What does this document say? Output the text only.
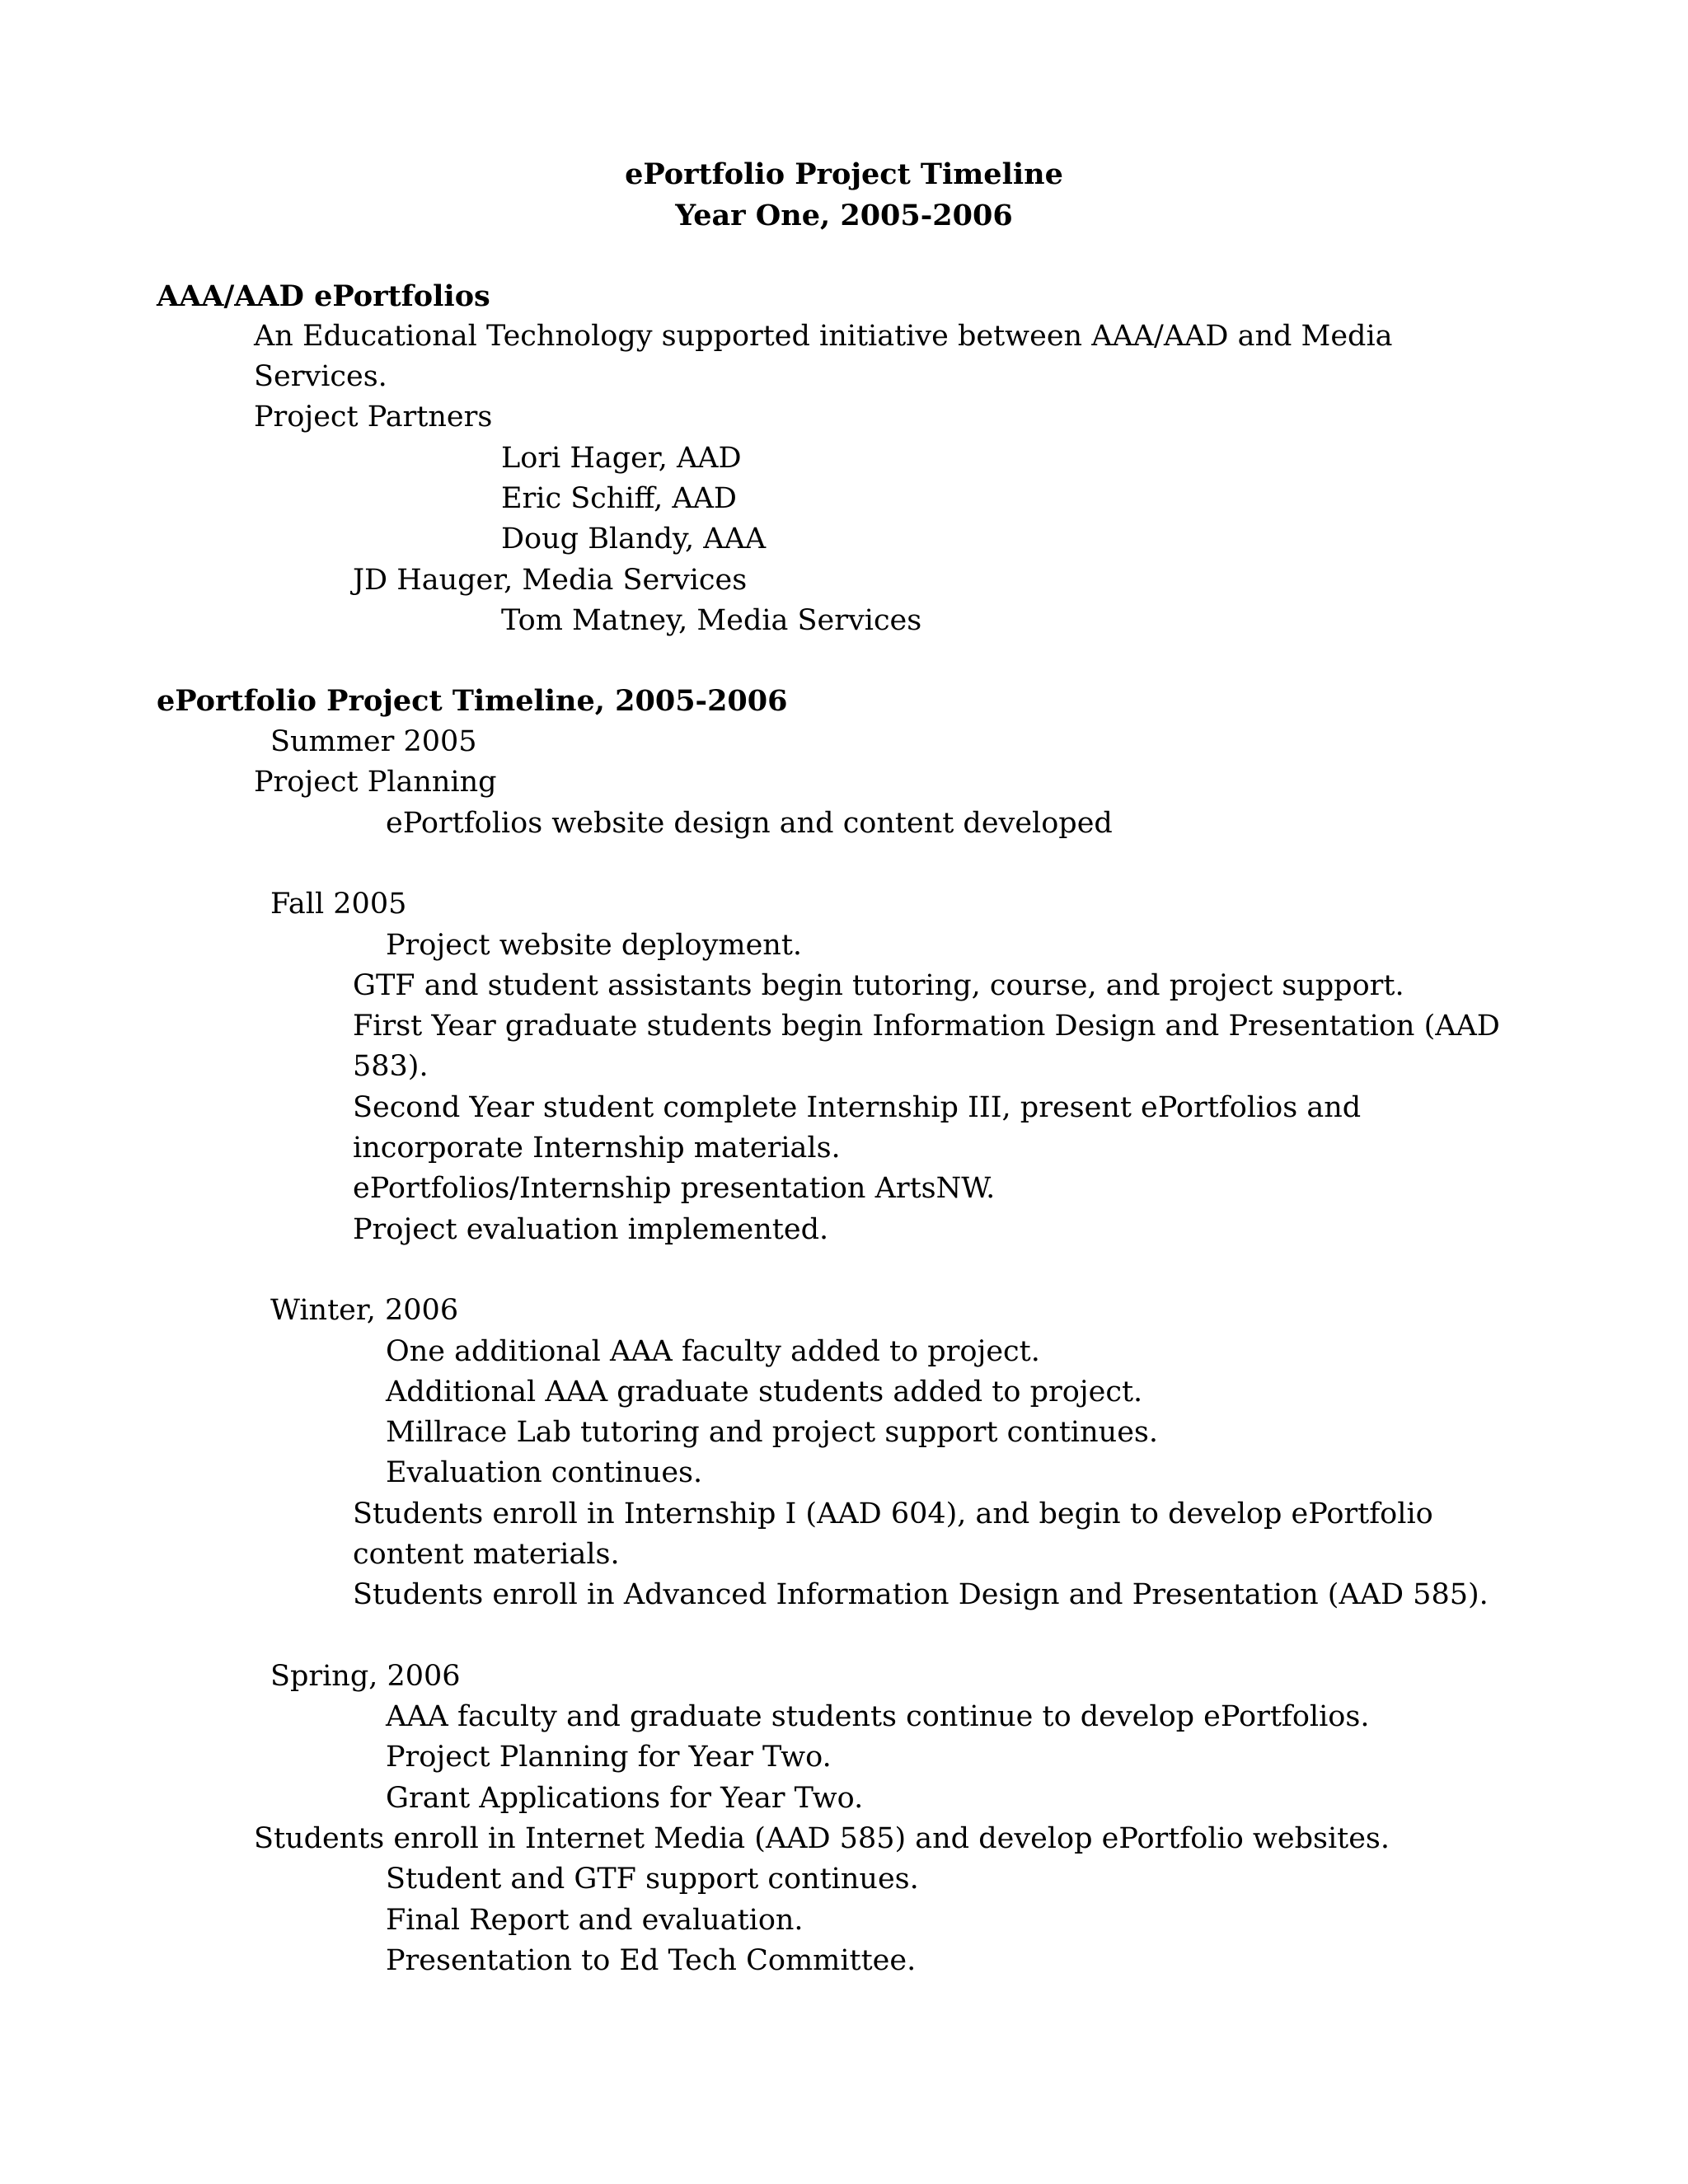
ePortfolio Project Timeline
Year One, 2005-2006
AAA/AAD ePortfolios
An Educational Technology supported initiative between AAA/AAD and Media
Services.
Project Partners
Lori Hager, AAD
Eric Schiff, AAD
Doug Blandy, AAA
JD Hauger, Media Services
Tom Matney, Media Services
ePortfolio Project Timeline, 2005-2006
Summer 2005
Project Planning
ePortfolios website design and content developed
Fall 2005
Project website deployment.
GTF and student assistants begin tutoring, course, and project support.
First Year graduate students begin Information Design and Presentation (AAD
583).
Second Year student complete Internship III, present ePortfolios and
incorporate Internship materials.
ePortfolios/Internship presentation ArtsNW.
Project evaluation implemented.
Winter, 2006
One additional AAA faculty added to project.
Additional AAA graduate students added to project.
Millrace Lab tutoring and project support continues.
Evaluation continues.
Students enroll in Internship I (AAD 604), and begin to develop ePortfolio
content materials.
Students enroll in Advanced Information Design and Presentation (AAD 585).
Spring, 2006
AAA faculty and graduate students continue to develop ePortfolios.
Project Planning for Year Two.
Grant Applications for Year Two.
Students enroll in Internet Media (AAD 585) and develop ePortfolio websites.
Student and GTF support continues.
Final Report and evaluation.
Presentation to Ed Tech Committee.
